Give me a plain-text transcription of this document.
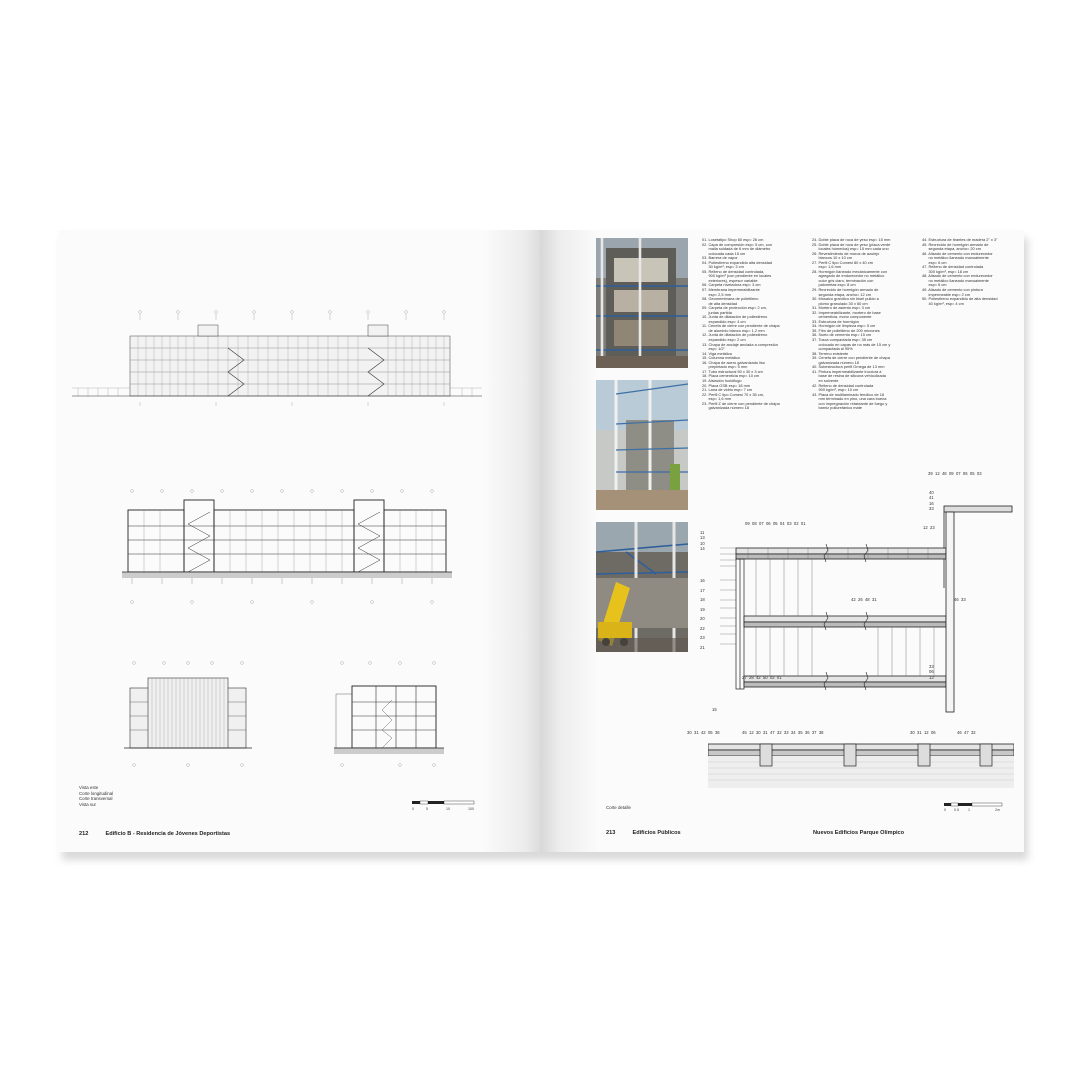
Vista este
Corte longitudinal
Corte transversal
Vista sur
0	5	10	100
212	Edificio B - Residencia de Jóvenes Deportistas
01. Losetatipo Shop 60 esp= 26 cm
02. Capa de compresión esp= 5 cm, con
malla soldada de 6 mm de diámetro
colocada cada 15 cm
03. Barrera de vapor
04. Poliestireno expandido alta densidad
30 kg/m³, esp= 3 cm
05. Relleno de densidad controlada,
900 kg/m³ (con pendiente en locales
exteriores), espesor variable
06. Carpeta niveladora esp= 3 cm
07. Membrana impermeabilizante
esp= 2,5 mm
08. Geomembrana de polietileno
de alta densidad
09. Carpeta de protección esp= 2 cm,
juntas partida
10. Junta de dilatación de poliestireno
expandido esp= 4 cm
11. Cenefa de cierre con pendiente de chapa
de aluminio blanco esp= 1,2 mm
12. Junta de dilatación de poliestireno
expandido esp= 2 cm
13. Chapa de anclaje anclada a compresión
esp= 1/2"
14. Viga metálica
15. Columna metálica
16. Chapa de acero galvanizado liso
prepintado esp= 5 mm
17. Tubo estructural 50 x 30 x 3 cm
18. Placa cementicia esp= 10 cm
19. Aislación Isolúflugo
20. Placa OSB esp= 18 mm
21. Lana de vidrio esp= 7 cm
22. Perfil C tipo Comesi 70 x 35 cm,
esp= 1,6 mm
23. Perfil Z de cierre con pendiente de chapa
galvanizada número 18
24. Doble placa de roca de yeso esp= 15 mm
25. Doble placa de roca de yeso (placa verde
locales húmedos) esp= 15 mm cada uno
26. Revestimiento de muros de azulejo
blancos 10 x 10 cm
27. Perfil C tipo Comesi 80 x 40 cm
esp= 1,6 mm
28. Hormigón llaneado mecánicamente con
agregado de endurecedor no metálico
color gris claro, terminación con
palometas esp= 8 cm
29. Recrecido de hormigón armado de
segunda etapa, ancho= 12 cm
30. Mosaico granítico sin bisel pulido a
plomo granulado 30 x 60 cm
31. Mortero de asiento esp= 3 cm
32. Impermeabilizante, mortero de base
cementicia, mono componente
33. Estructura de hormigón
34. Hormigón de limpieza esp= 5 cm
35. Film de polietileno de 200 micrones
36. Suelo de cemento esp= 15 cm
37. Tosca compactada esp= 35 cm
colocado en capas de no más de 15 cm y
compactada al 95%
38. Terreno existente
39. Cenefa de cierre con pendiente de chapa
galvanizada número 18
40. Subestructura perfil Omega de 13 mm
41. Pintura impermeabilizante incolora a
base de resina de silicona vehiculizada
en solvente
42. Relleno de densidad controlada
900 kg/m³, esp= 10 cm
43. Placa de multilaminado fenólico de 18
mm terminado en pino, una cara buena
con impregnación retardante de fuego y
barniz poliuretánico mate
44. Estructura de tirantes de madera 2" x 3"
45. Recrecido de hormigón armado de
segunda etapa, ancho= 20 cm
46. Alisado de cemento con endurecedor
no metálico llaneado manualmente
esp= 6 cm
47. Relleno de densidad controlada
300 kg/m³, esp= 18 cm
48. Alisado de cemento con endurecedor
no metálico llaneado manualmente
esp= 6 cm
49. Alisado de cemento con pintura
impermeable esp= 2 cm
50. Poliestireno expandido de alta densidad
40 kg/m³, esp= 4 cm
39  12  48  09  07  06  05  03
40
41
16
33
12  23
09  08  07  06  05  04  03  02  01
11
13
10
14
16
17
18
19
20
22
23
21
42  26  48  31	46  33
33
06
13
27  28  42  50  02  01
15
30  31  42  05  36	45  12  30  31  47  32  33  34  35  36  37  38	30  31  12  06	46  47  32
Corte detalle	0 0.5	1	2m
213	Edificios Públicos	Nuevos Edificios Parque Olímpico
